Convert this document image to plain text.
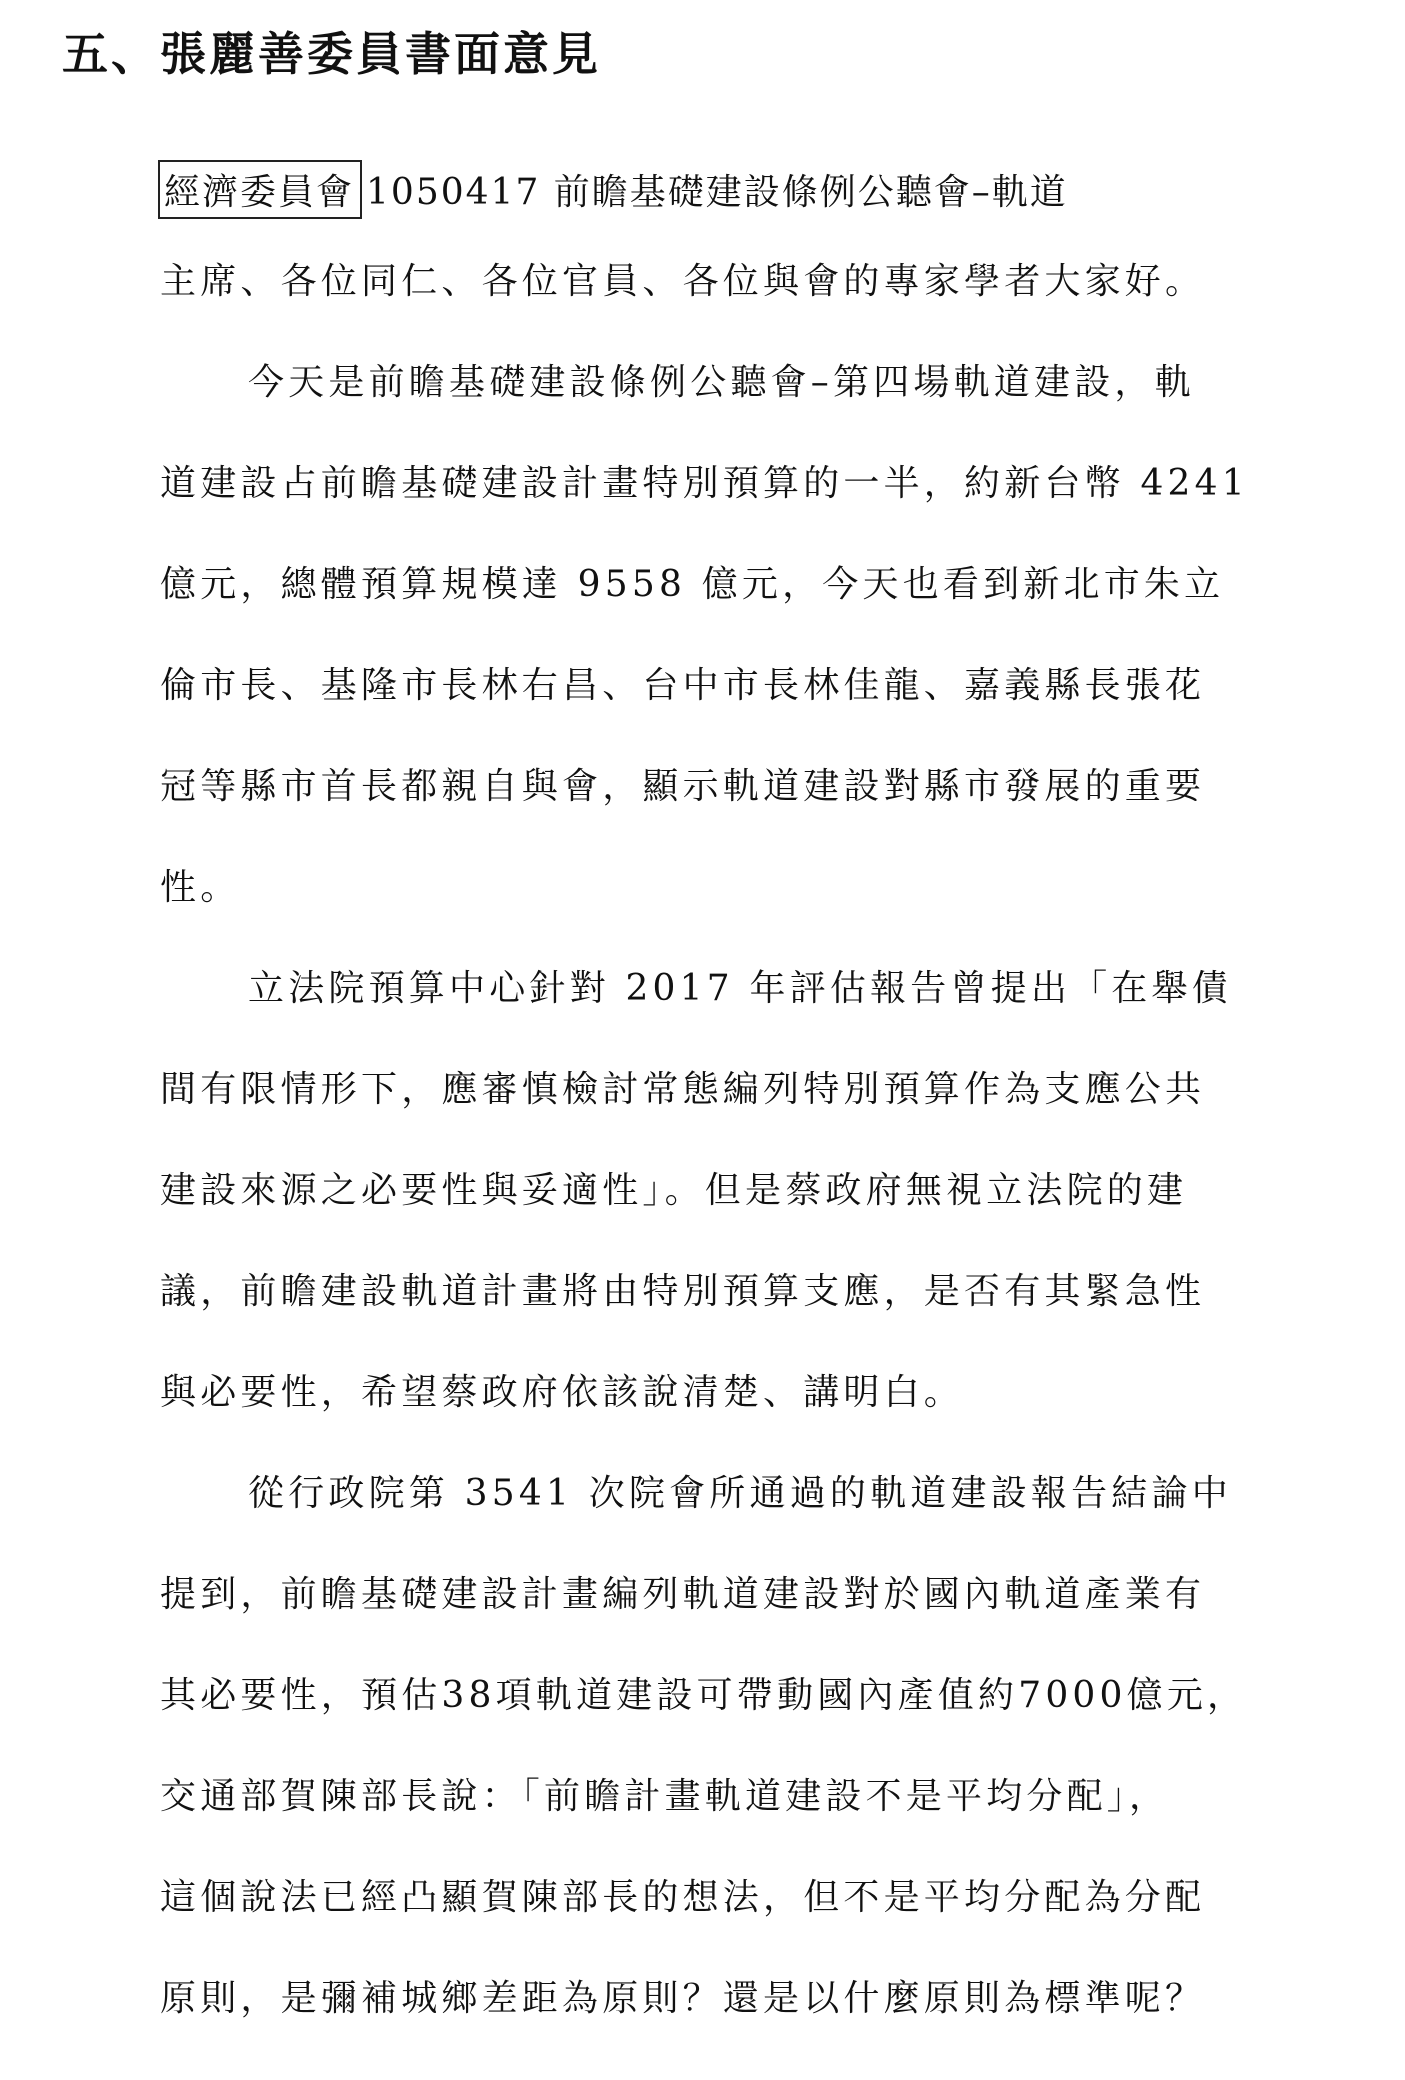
五、張麗善委員書面意見
經濟委員會 1050417 前瞻基礎建設條例公聽會–軌道
主席、各位同仁、各位官員、各位與會的專家學者大家好。
今天是前瞻基礎建設條例公聽會–第四場軌道建設，軌
道建設占前瞻基礎建設計畫特別預算的一半，約新台幣 4241
億元，總體預算規模達 9558 億元，今天也看到新北市朱立
倫市長、基隆市長林右昌、台中市長林佳龍、嘉義縣長張花
冠等縣市首長都親自與會，顯示軌道建設對縣市發展的重要
性。
立法院預算中心針對 2017 年評估報告曾提出「在舉債
間有限情形下，應審慎檢討常態編列特別預算作為支應公共
建設來源之必要性與妥適性」。但是蔡政府無視立法院的建
議，前瞻建設軌道計畫將由特別預算支應，是否有其緊急性
與必要性，希望蔡政府依該說清楚、講明白。
從行政院第 3541 次院會所通過的軌道建設報告結論中
提到，前瞻基礎建設計畫編列軌道建設對於國內軌道產業有
其必要性，預估38項軌道建設可帶動國內產值約7000億元，
交通部賀陳部長說：「前瞻計畫軌道建設不是平均分配」，
這個說法已經凸顯賀陳部長的想法，但不是平均分配為分配
原則，是彌補城鄉差距為原則？還是以什麼原則為標準呢？
